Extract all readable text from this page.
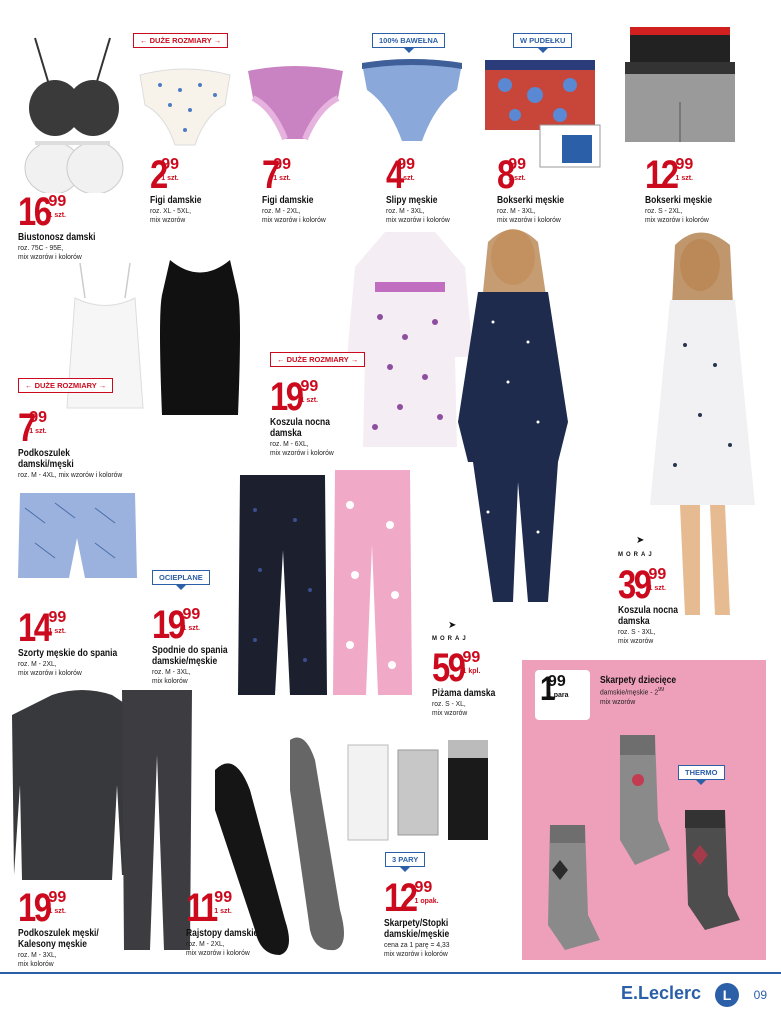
← DUŻE ROZMIARY →	100% BAWEŁNA	W PUDEŁKU
16
99
1 szt.
Biustonosz damski
roz. 75C - 95E,
mix wzorów i kolorów
2
99
1 szt.
Figi damskie
roz. XL - 5XL,
mix wzorów
7
99
1 szt.
Figi damskie
roz. M - 2XL,
mix wzorów i kolorów
4
99
1 szt.
Slipy męskie
roz. M - 3XL,
mix wzorów i kolorów
8
99
1 szt.
Bokserki męskie
roz. M - 3XL,
mix wzorów i kolorów
12
99
1 szt.
Bokserki męskie
roz. S - 2XL,
mix wzorów i kolorów
← DUŻE ROZMIARY →
← DUŻE ROZMIARY →
7
99
1 szt.
Podkoszulek
damski/męski
roz. M - 4XL, mix wzorów i kolorów
19
99
1 szt.
Koszula nocna
damska
roz. M - 6XL,
mix wzorów i kolorów
OCIEPLANE
14
99
1 szt.
Szorty męskie do spania
roz. M - 2XL,
mix wzorów i kolorów
19
99
1 szt.
Spodnie do spania
damskie/męskie
roz. M - 3XL,
mix kolorów
➤
MORAJ
59
99
1 kpl.
Piżama damska
roz. S - XL,
mix wzorów
➤
MORAJ
39
99
1 szt.
Koszula nocna
damska
roz. S - 3XL,
mix wzorów
1
99
1 para
Skarpety dziecięce
damskie/męskie - $2^{99}$
mix wzorów
THERMO
3 PARY
19
99
1 szt.
Podkoszulek męski/
Kalesony męskie
roz. M - 3XL,
mix kolorów
11
99
1 szt.
Rajstopy damskie
roz. M - 2XL,
mix wzorów i kolorów
12
99
1 opak.
Skarpety/Stopki
damskie/męskie
cena za 1 parę = 4,33
mix wzorów i kolorów
E.Leclerc	L	09
